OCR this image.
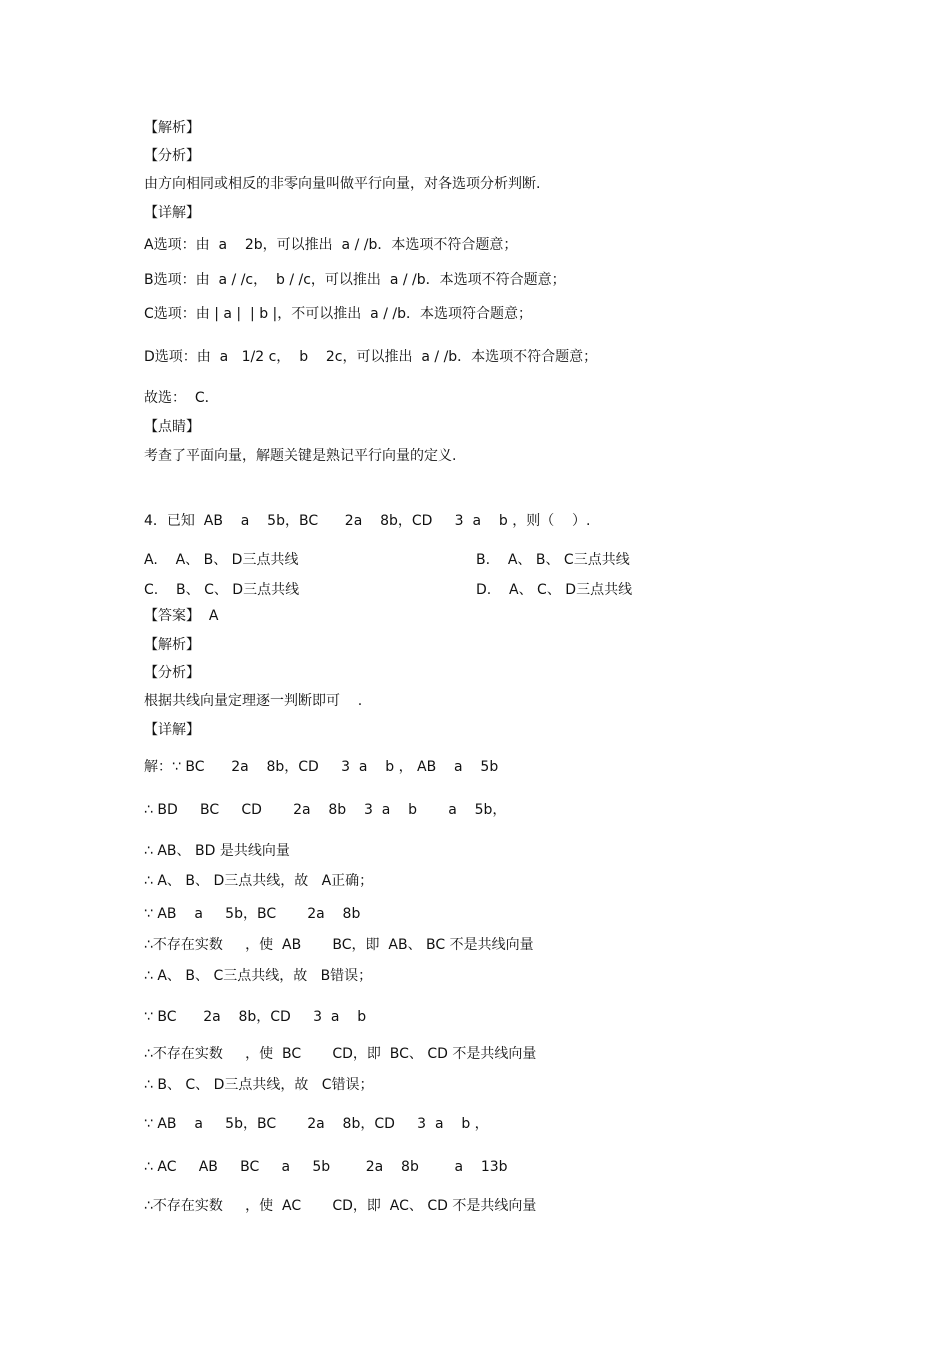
【解析】
【分析】
由方向相同或相反的非零向量叫做平行向量，对各选项分析判断.
【详解】
A选项：由  a    2b，可以推出  a / /b．本选项不符合题意；
B选项：由  a / /c，  b / /c，可以推出  a / /b．本选项不符合题意；
C选项：由 | a |  | b |，不可以推出  a / /b．本选项符合题意；
D选项：由  a   1/2 c，  b    2c，可以推出  a / /b．本选项不符合题意；
故选：  C．
【点睛】
考查了平面向量，解题关键是熟记平行向量的定义.
4．已知  AB    a    5b，BC      2a    8b，CD     3  a    b ，则（    ）.
A.    A、 B、 D三点共线	B.    A、 B、 C三点共线
C.    B、 C、 D三点共线	D.    A、 C、 D三点共线
【答案】  A
【解析】
【分析】
根据共线向量定理逐一判断即可    .
【详解】
解：∵ BC      2a    8b，CD     3  a    b ， AB    a    5b
∴ BD     BC     CD       2a    8b    3  a    b       a    5b，
∴ AB、 BD 是共线向量
∴ A、 B、 D三点共线，故   A正确；
∵ AB    a     5b，BC       2a    8b
∴不存在实数     ，使  AB       BC，即  AB、 BC 不是共线向量
∴ A、 B、 C三点共线，故   B错误；
∵ BC      2a    8b，CD     3  a    b
∴不存在实数     ，使  BC       CD，即  BC、 CD 不是共线向量
∴ B、 C、 D三点共线，故   C错误；
∵ AB    a     5b，BC       2a    8b，CD     3  a    b ，
∴ AC     AB     BC     a     5b        2a    8b        a    13b
∴不存在实数     ，使  AC       CD，即  AC、 CD 不是共线向量
